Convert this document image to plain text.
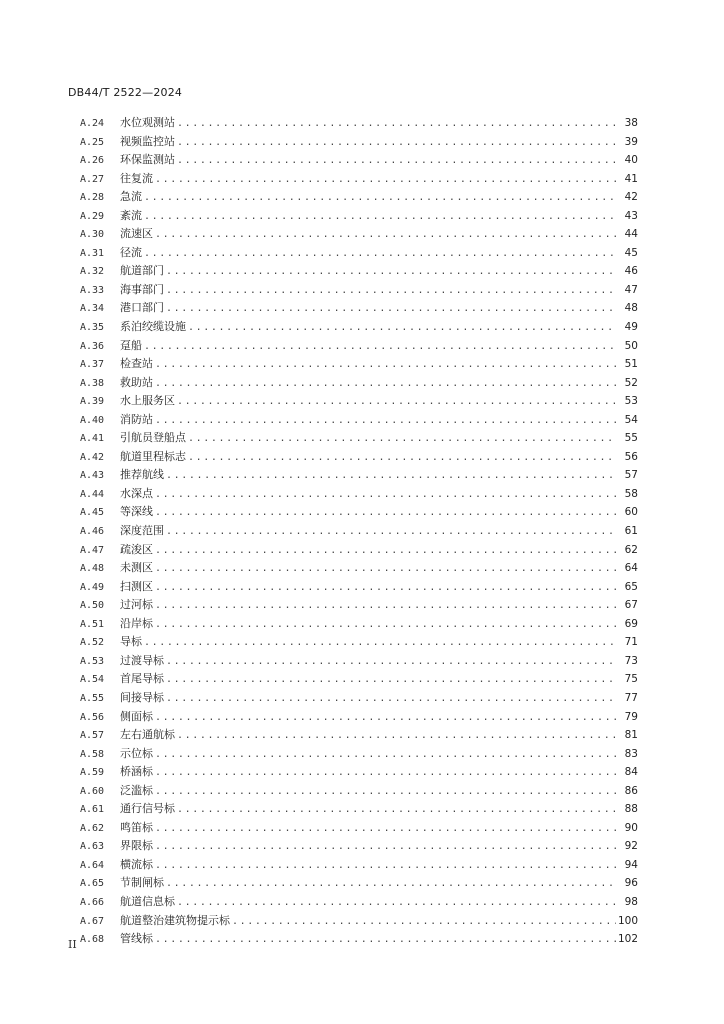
DB44/T 2522—2024
A.24	水位观测站 .....	38
A.25	视频监控站 .....	39
A.26	环保监测站 .....	40
A.27	往复流 .....	41
A.28	急流 .....	42
A.29	紊流 .....	43
A.30	流速区 .....	44
A.31	径流 .....	45
A.32	航道部门 .....	46
A.33	海事部门 .....	47
A.34	港口部门 .....	48
A.35	系泊绞缆设施 .....	49
A.36	趸船 .....	50
A.37	检查站 .....	51
A.38	救助站 .....	52
A.39	水上服务区 .....	53
A.40	消防站 .....	54
A.41	引航员登船点 .....	55
A.42	航道里程标志 .....	56
A.43	推荐航线 .....	57
A.44	水深点 .....	58
A.45	等深线 .....	60
A.46	深度范围 .....	61
A.47	疏浚区 .....	62
A.48	未测区 .....	64
A.49	扫测区 .....	65
A.50	过河标 .....	67
A.51	沿岸标 .....	69
A.52	导标 .....	71
A.53	过渡导标 .....	73
A.54	首尾导标 .....	75
A.55	间接导标 .....	77
A.56	侧面标 .....	79
A.57	左右通航标 .....	81
A.58	示位标 .....	83
A.59	桥涵标 .....	84
A.60	泛滥标 .....	86
A.61	通行信号标 .....	88
A.62	鸣笛标 .....	90
A.63	界限标 .....	92
A.64	横流标 .....	94
A.65	节制闸标 .....	96
A.66	航道信息标 .....	98
A.67	航道整治建筑物提示标 .....	100
A.68	管线标 .....	102
II
